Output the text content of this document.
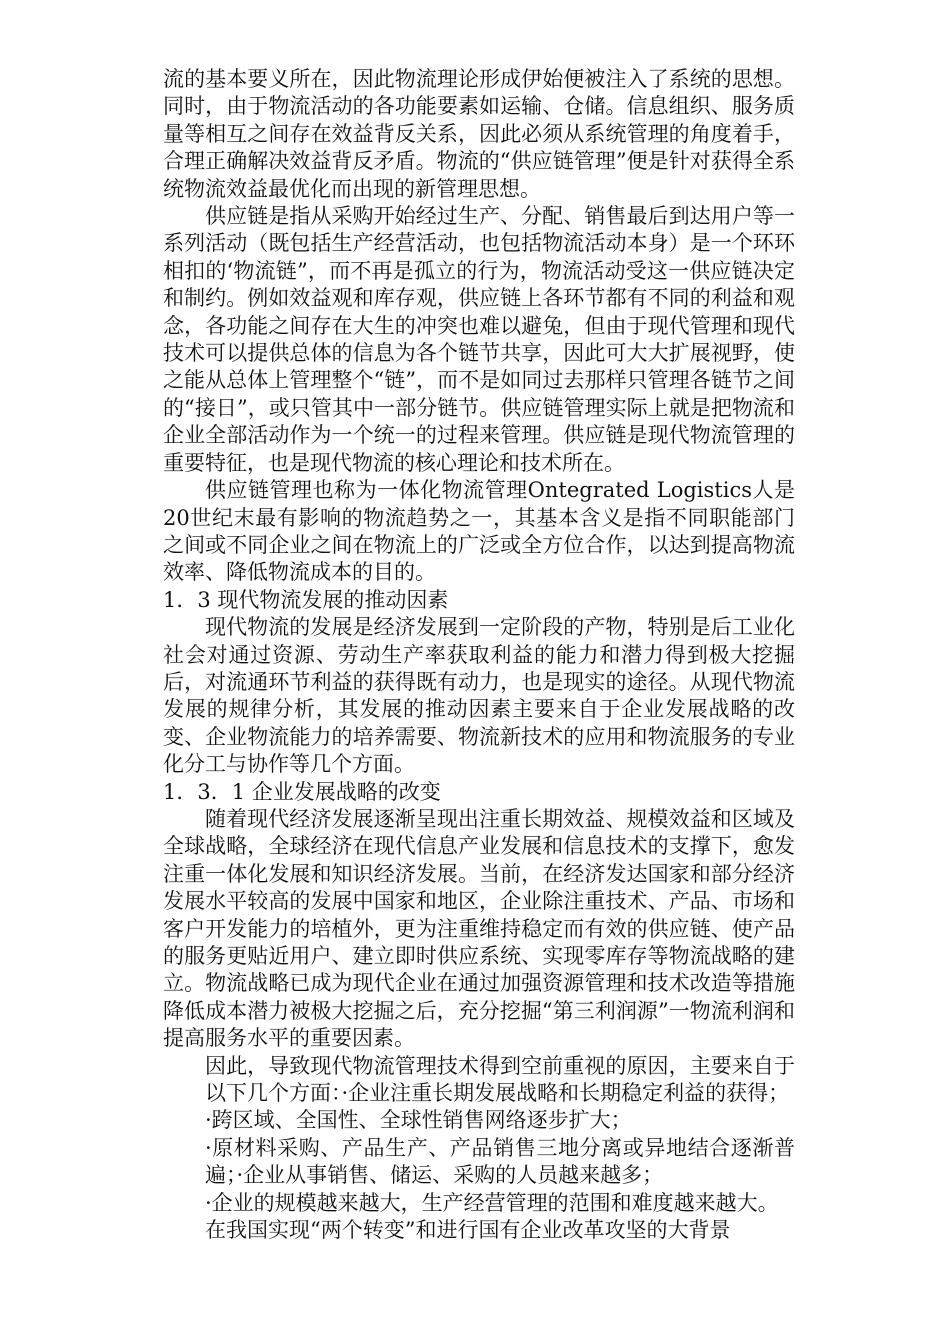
流的基本要义所在，因此物流理论形成伊始便被注入了系统的思想。同时，由于物流活动的各功能要素如运输、仓储。信息组织、服务质量等相互之间存在效益背反关系，因此必须从系统管理的角度着手，合理正确解决效益背反矛盾。物流的“供应链管理”便是针对获得全系统物流效益最优化而出现的新管理思想。

供应链是指从采购开始经过生产、分配、销售最后到达用户等一系列活动（既包括生产经营活动，也包括物流活动本身）是一个环环相扣的‘物流链”，而不再是孤立的行为，物流活动受这一供应链决定和制约。例如效益观和库存观，供应链上各环节都有不同的利益和观念，各功能之间存在大生的冲突也难以避兔，但由于现代管理和现代技术可以提供总体的信息为各个链节共享，因此可大大扩展视野，使之能从总体上管理整个“链”，而不是如同过去那样只管理各链节之间的“接日”，或只管其中一部分链节。供应链管理实际上就是把物流和企业全部活动作为一个统一的过程来管理。供应链是现代物流管理的重要特征，也是现代物流的核心理论和技术所在。

供应链管理也称为一体化物流管理Ontegrated Logistics人是20世纪末最有影响的物流趋势之一，其基本含义是指不同职能部门之间或不同企业之间在物流上的广泛或全方位合作，以达到提高物流效率、降低物流成本的目的。

1．3 现代物流发展的推动因素

现代物流的发展是经济发展到一定阶段的产物，特别是后工业化社会对通过资源、劳动生产率获取利益的能力和潜力得到极大挖掘后，对流通环节利益的获得既有动力，也是现实的途径。从现代物流发展的规律分析，其发展的推动因素主要来自于企业发展战略的改变、企业物流能力的培养需要、物流新技术的应用和物流服务的专业化分工与协作等几个方面。

1．3．1 企业发展战略的改变

随着现代经济发展逐渐呈现出注重长期效益、规模效益和区域及全球战略，全球经济在现代信息产业发展和信息技术的支撑下，愈发注重一体化发展和知识经济发展。当前，在经济发达国家和部分经济发展水平较高的发展中国家和地区，企业除注重技术、产品、市场和客户开发能力的培植外，更为注重维持稳定而有效的供应链、使产品的服务更贴近用户、建立即时供应系统、实现零库存等物流战略的建立。物流战略已成为现代企业在通过加强资源管理和技术改造等措施降低成本潜力被极大挖掘之后，充分挖掘“第三利润源”一物流利润和提高服务水平的重要因素。

因此，导致现代物流管理技术得到空前重视的原因，主要来自于以下几个方面：·企业注重长期发展战略和长期稳定利益的获得；

·跨区域、全国性、全球性销售网络逐步扩大；

·原材料采购、产品生产、产品销售三地分离或异地结合逐渐普遍；·企业从事销售、储运、采购的人员越来越多；

·企业的规模越来越大，生产经营管理的范围和难度越来越大。

在我国实现“两个转变”和进行国有企业改革攻坚的大背景
